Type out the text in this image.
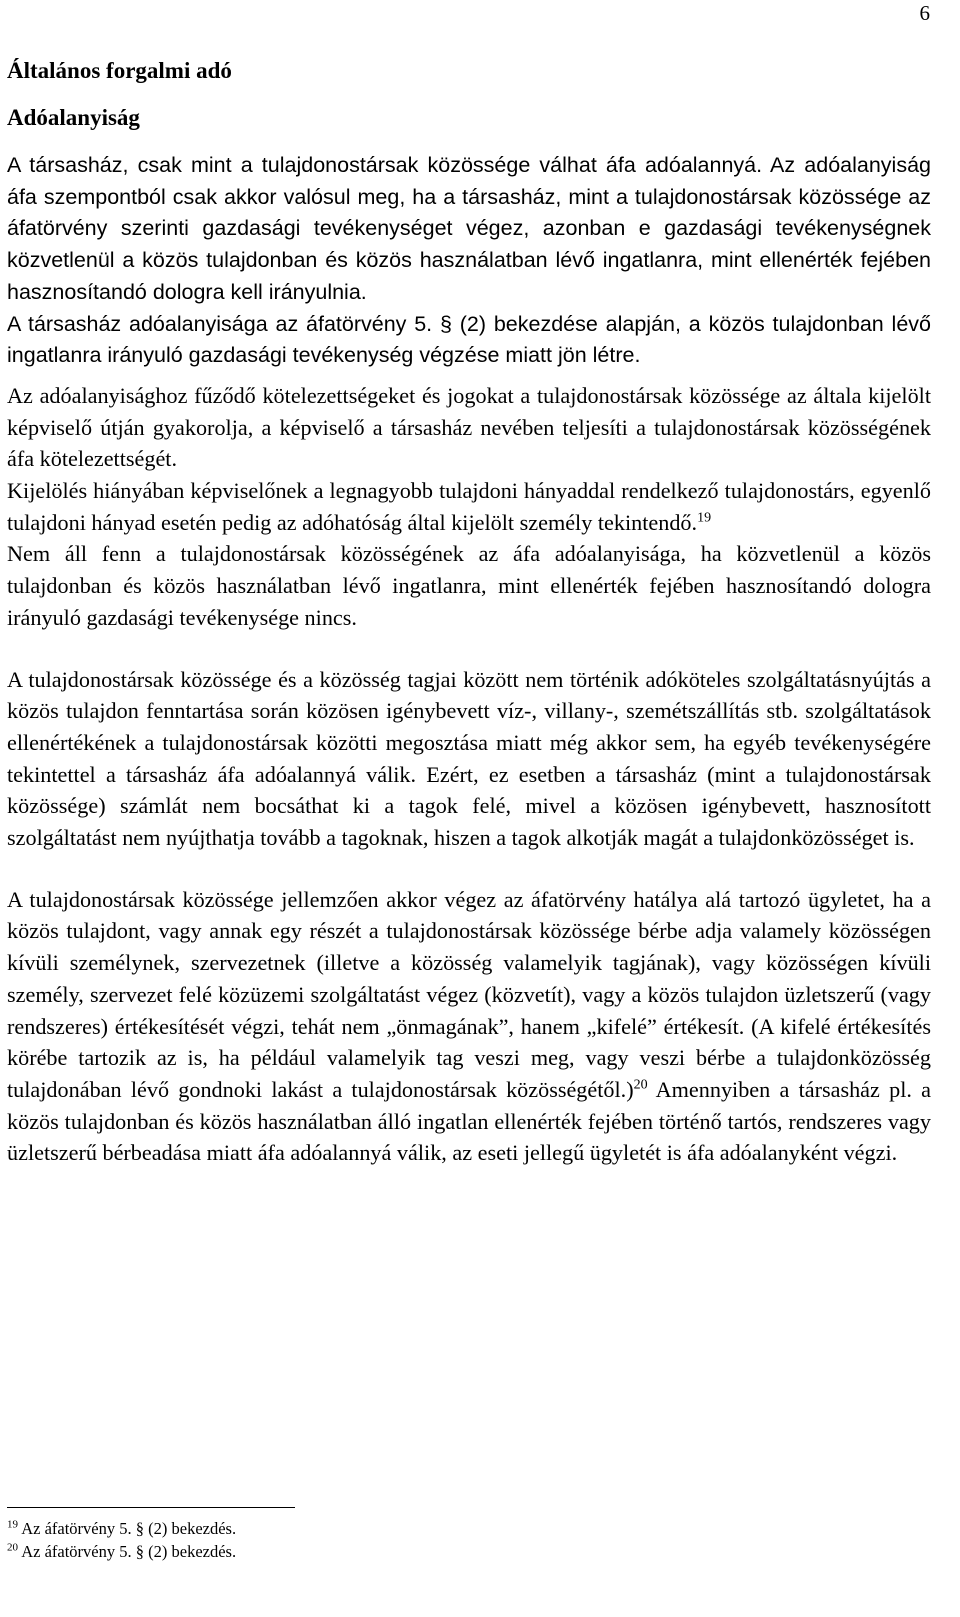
6
Általános forgalmi adó
Adóalanyiság

A társasház, csak mint a tulajdonostársak közössége válhat áfa adóalannyá. Az adóalanyiság áfa szempontból csak akkor valósul meg, ha a társasház, mint a tulajdonostársak közössége az áfatörvény szerinti gazdasági tevékenységet végez, azonban e gazdasági tevékenységnek közvetlenül a közös tulajdonban és közös használatban lévő ingatlanra, mint ellenérték fejében hasznosítandó dologra kell irányulnia.

A társasház adóalanyisága az áfatörvény 5. § (2) bekezdése alapján, a közös tulajdonban lévő ingatlanra irányuló gazdasági tevékenység végzése miatt jön létre.

Az adóalanyisághoz fűződő kötelezettségeket és jogokat a tulajdonostársak közössége az általa kijelölt képviselő útján gyakorolja, a képviselő a társasház nevében teljesíti a tulajdonostársak közösségének áfa kötelezettségét.

Kijelölés hiányában képviselőnek a legnagyobb tulajdoni hányaddal rendelkező tulajdonostárs, egyenlő tulajdoni hányad esetén pedig az adóhatóság által kijelölt személy tekintendő.$^{19}$

Nem áll fenn a tulajdonostársak közösségének az áfa adóalanyisága, ha közvetlenül a közös tulajdonban és közös használatban lévő ingatlanra, mint ellenérték fejében hasznosítandó dologra irányuló gazdasági tevékenysége nincs.

A tulajdonostársak közössége és a közösség tagjai között nem történik adóköteles szolgáltatásnyújtás a közös tulajdon fenntartása során közösen igénybevett víz-, villany-, szemétszállítás stb. szolgáltatások ellenértékének a tulajdonostársak közötti megosztása miatt még akkor sem, ha egyéb tevékenységére tekintettel a társasház áfa adóalannyá válik. Ezért, ez esetben a társasház (mint a tulajdonostársak közössége) számlát nem bocsáthat ki a tagok felé, mivel a közösen igénybevett, hasznosított szolgáltatást nem nyújthatja tovább a tagoknak, hiszen a tagok alkotják magát a tulajdonközösséget is.

A tulajdonostársak közössége jellemzően akkor végez az áfatörvény hatálya alá tartozó ügyletet, ha a közös tulajdont, vagy annak egy részét a tulajdonostársak közössége bérbe adja valamely közösségen kívüli személynek, szervezetnek (illetve a közösség valamelyik tagjának), vagy közösségen kívüli személy, szervezet felé közüzemi szolgáltatást végez (közvetít), vagy a közös tulajdon üzletszerű (vagy rendszeres) értékesítését végzi, tehát nem „önmagának”, hanem „kifelé” értékesít. (A kifelé értékesítés körébe tartozik az is, ha például valamelyik tag veszi meg, vagy veszi bérbe a tulajdonközösség tulajdonában lévő gondnoki lakást a tulajdonostársak közösségétől.)$^{20}$ Amennyiben a társasház pl. a közös tulajdonban és közös használatban álló ingatlan ellenérték fejében történő tartós, rendszeres vagy üzletszerű bérbeadása miatt áfa adóalannyá válik, az eseti jellegű ügyletét is áfa adóalanyként végzi.

$^{19}$ Az áfatörvény 5. § (2) bekezdés.
$^{20}$ Az áfatörvény 5. § (2) bekezdés.
